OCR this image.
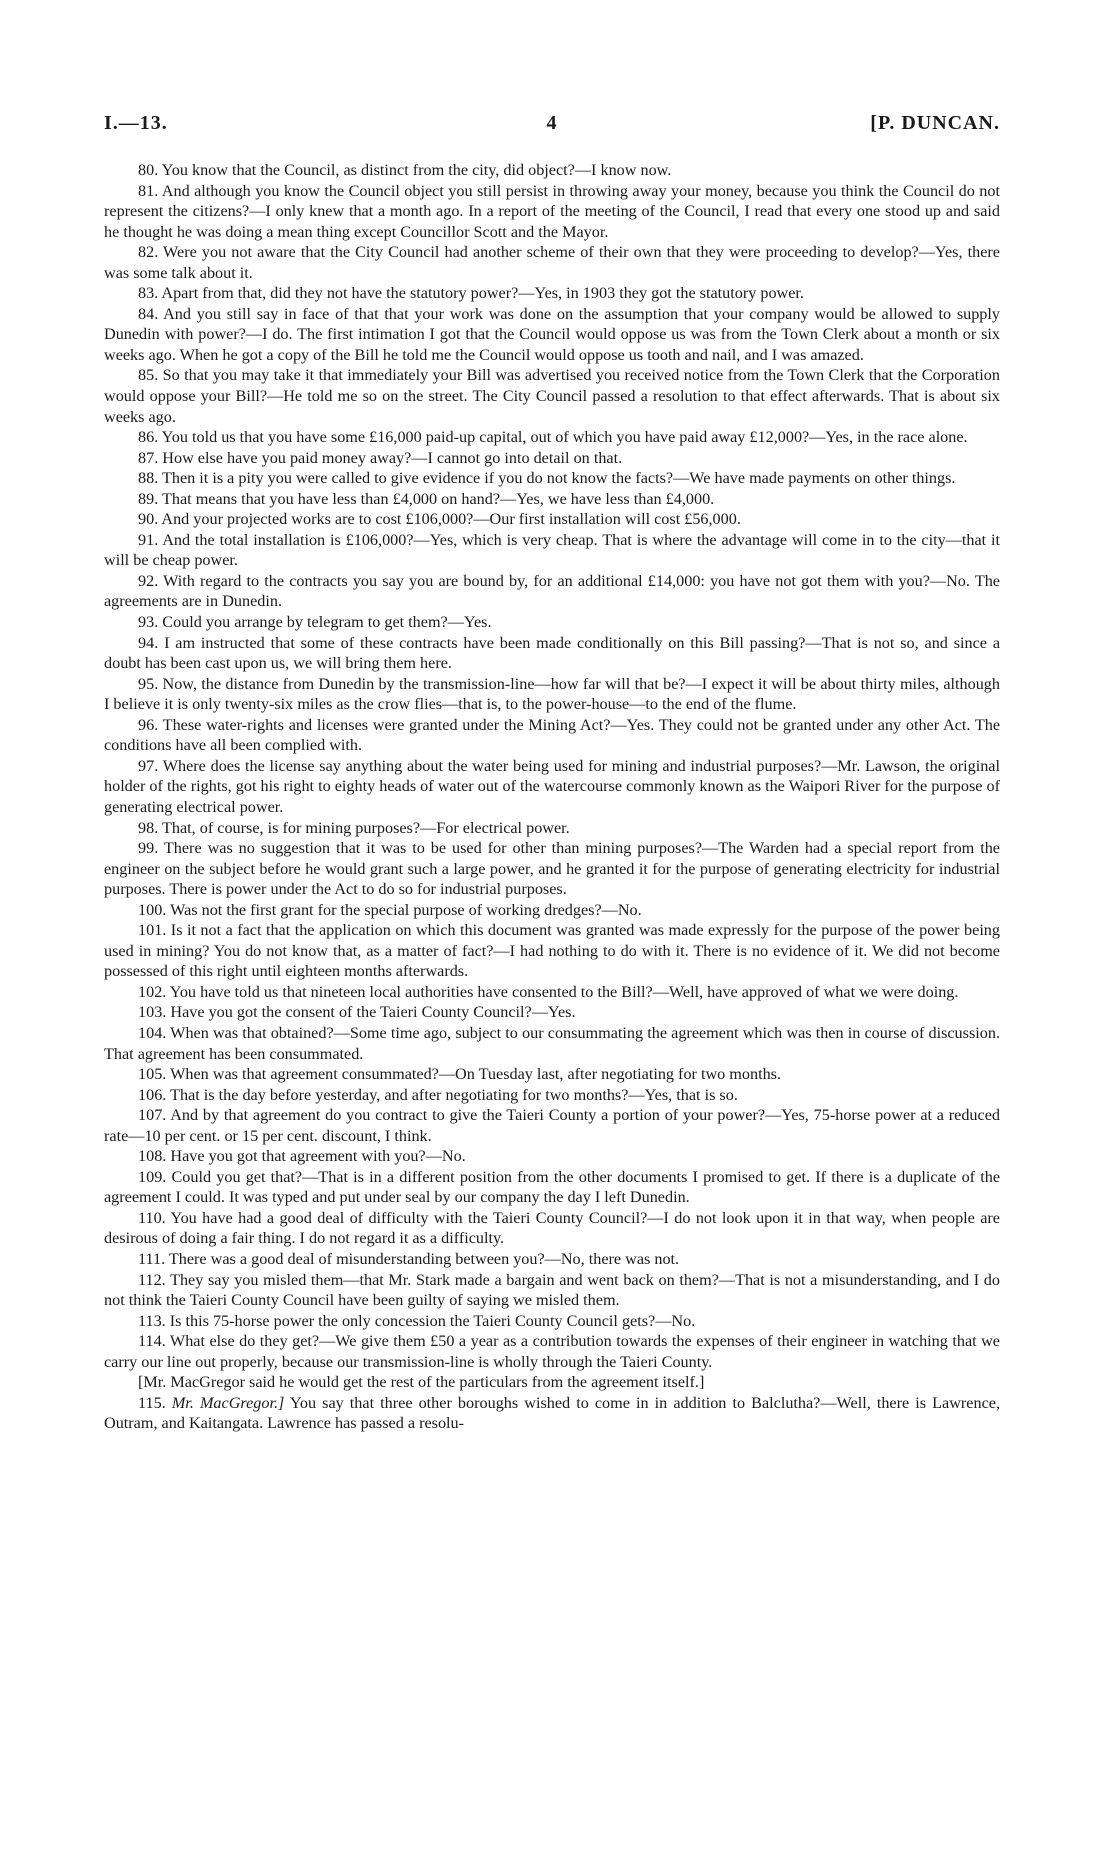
I.—13.	4	[P. DUNCAN.

80. You know that the Council, as distinct from the city, did object?—I know now.

81. And although you know the Council object you still persist in throwing away your money, because you think the Council do not represent the citizens?—I only knew that a month ago. In a report of the meeting of the Council, I read that every one stood up and said he thought he was doing a mean thing except Councillor Scott and the Mayor.

82. Were you not aware that the City Council had another scheme of their own that they were proceeding to develop?—Yes, there was some talk about it.

83. Apart from that, did they not have the statutory power?—Yes, in 1903 they got the statutory power.

84. And you still say in face of that that your work was done on the assumption that your company would be allowed to supply Dunedin with power?—I do. The first intimation I got that the Council would oppose us was from the Town Clerk about a month or six weeks ago. When he got a copy of the Bill he told me the Council would oppose us tooth and nail, and I was amazed.

85. So that you may take it that immediately your Bill was advertised you received notice from the Town Clerk that the Corporation would oppose your Bill?—He told me so on the street. The City Council passed a resolution to that effect afterwards. That is about six weeks ago.

86. You told us that you have some £16,000 paid-up capital, out of which you have paid away £12,000?—Yes, in the race alone.

87. How else have you paid money away?—I cannot go into detail on that.

88. Then it is a pity you were called to give evidence if you do not know the facts?—We have made payments on other things.

89. That means that you have less than £4,000 on hand?—Yes, we have less than £4,000.

90. And your projected works are to cost £106,000?—Our first installation will cost £56,000.

91. And the total installation is £106,000?—Yes, which is very cheap. That is where the advantage will come in to the city—that it will be cheap power.

92. With regard to the contracts you say you are bound by, for an additional £14,000: you have not got them with you?—No. The agreements are in Dunedin.

93. Could you arrange by telegram to get them?—Yes.

94. I am instructed that some of these contracts have been made conditionally on this Bill passing?—That is not so, and since a doubt has been cast upon us, we will bring them here.

95. Now, the distance from Dunedin by the transmission-line—how far will that be?—I expect it will be about thirty miles, although I believe it is only twenty-six miles as the crow flies—that is, to the power-house—to the end of the flume.

96. These water-rights and licenses were granted under the Mining Act?—Yes. They could not be granted under any other Act. The conditions have all been complied with.

97. Where does the license say anything about the water being used for mining and industrial purposes?—Mr. Lawson, the original holder of the rights, got his right to eighty heads of water out of the watercourse commonly known as the Waipori River for the purpose of generating electrical power.

98. That, of course, is for mining purposes?—For electrical power.

99. There was no suggestion that it was to be used for other than mining purposes?—The Warden had a special report from the engineer on the subject before he would grant such a large power, and he granted it for the purpose of generating electricity for industrial purposes. There is power under the Act to do so for industrial purposes.

100. Was not the first grant for the special purpose of working dredges?—No.

101. Is it not a fact that the application on which this document was granted was made expressly for the purpose of the power being used in mining? You do not know that, as a matter of fact?—I had nothing to do with it. There is no evidence of it. We did not become possessed of this right until eighteen months afterwards.

102. You have told us that nineteen local authorities have consented to the Bill?—Well, have approved of what we were doing.

103. Have you got the consent of the Taieri County Council?—Yes.

104. When was that obtained?—Some time ago, subject to our consummating the agreement which was then in course of discussion. That agreement has been consummated.

105. When was that agreement consummated?—On Tuesday last, after negotiating for two months.

106. That is the day before yesterday, and after negotiating for two months?—Yes, that is so.

107. And by that agreement do you contract to give the Taieri County a portion of your power?—Yes, 75-horse power at a reduced rate—10 per cent. or 15 per cent. discount, I think.

108. Have you got that agreement with you?—No.

109. Could you get that?—That is in a different position from the other documents I promised to get. If there is a duplicate of the agreement I could. It was typed and put under seal by our company the day I left Dunedin.

110. You have had a good deal of difficulty with the Taieri County Council?—I do not look upon it in that way, when people are desirous of doing a fair thing. I do not regard it as a difficulty.

111. There was a good deal of misunderstanding between you?—No, there was not.

112. They say you misled them—that Mr. Stark made a bargain and went back on them?—That is not a misunderstanding, and I do not think the Taieri County Council have been guilty of saying we misled them.

113. Is this 75-horse power the only concession the Taieri County Council gets?—No.

114. What else do they get?—We give them £50 a year as a contribution towards the expenses of their engineer in watching that we carry our line out properly, because our transmission-line is wholly through the Taieri County.

[Mr. MacGregor said he would get the rest of the particulars from the agreement itself.]

115. Mr. MacGregor.] You say that three other boroughs wished to come in in addition to Balclutha?—Well, there is Lawrence, Outram, and Kaitangata. Lawrence has passed a resolu-
